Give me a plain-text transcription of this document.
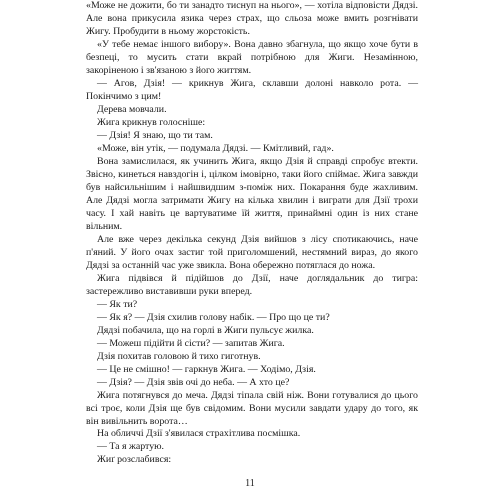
«Може не дожити, бо ти занадто тиснуп на нього», — хотіла відповісти Дядзі. Але вона прикусила язика через страх, що сльоза може вмить розгнівати Жигу. Пробудити в ньому жорстокість.

«У тебе немає іншого вибору». Вона давно збагнула, що якщо хоче бути в безпеці, то мусить стати вкрай потрібною для Жиги. Незамінною, закоріненою і зв'язаною з його життям.

— Агов, Дзія! — крикнув Жига, склавши долоні навколо рота. — Покінчимо з цим!

Дерева мовчали.

Жига крикнув голосніше:

— Дзія! Я знаю, що ти там.

«Може, він утік, — подумала Дядзі. — Кмітливий, гад».

Вона замислилася, як учинить Жига, якщо Дзія й справді спробує втекти. Звісно, кинеться навздогін і, цілком імовірно, таки його спіймає. Жига завжди був найсильнішим і найшвидшим з-поміж них. Покарання буде жахливим. Але Дядзі могла затримати Жигу на кілька хвилин і виграти для Дзії трохи часу. І хай навіть це вартуватиме їй життя, принаймні один із них стане вільним.

Але вже через декілька секунд Дзія вийшов з лісу спотикаючись, наче п'яний. У його очах застиг той приголомшений, нестямний вираз, до якого Дядзі за останній час уже звикла. Вона обережно потяглася до ножа.

Жига підвівся й підійшов до Дзії, наче доглядальник до тигра: застережливо виставивши руки вперед.

— Як ти?

— Як я? — Дзія схилив голову набік. — Про що це ти?

Дядзі побачила, що на горлі в Жиги пульсує жилка.

— Можеш підійти й сісти? — запитав Жига.

Дзія похитав головою й тихо гиготнув.

— Це не смішно! — гаркнув Жига. — Ходімо, Дзія.

— Дзія? — Дзія звів очі до неба. — А хто це?

Жига потягнувся до меча. Дядзі тіпала свій ніж. Вони готувалися до цього всі троє, коли Дзія ще був свідомим. Вони мусили завдати удару до того, як він вивільнить ворота…

На обличчі Дзії з'явилася страхітлива посмішка.

— Та я жартую.

Жиґ розслабився:

11
